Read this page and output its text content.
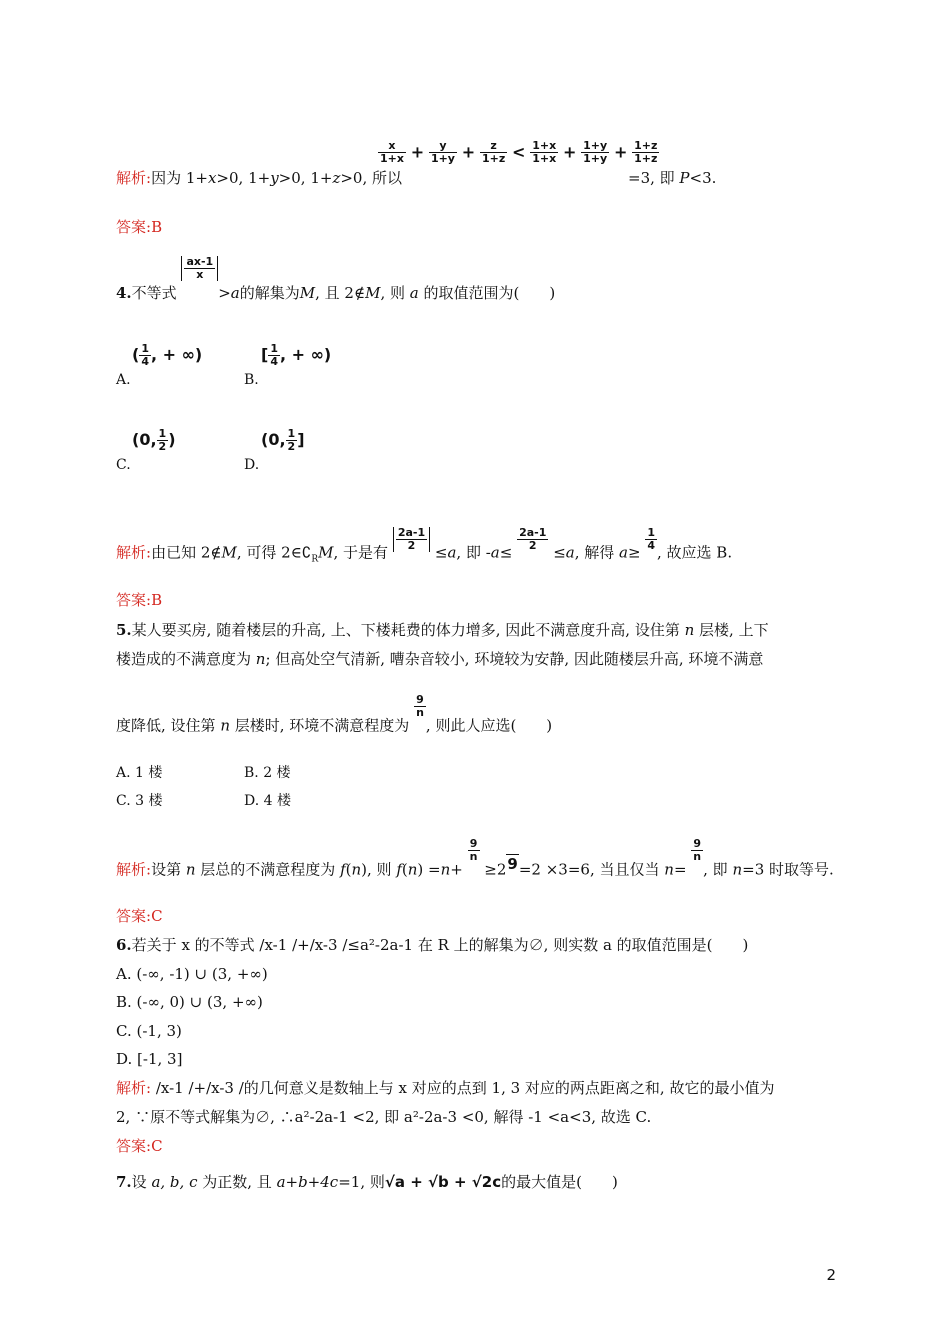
$\frac{x}{1+x} + \frac{y}{1+y} + \frac{z}{1+z} < \frac{1+x}{1+x} + \frac{1+y}{1+y} + \frac{1+z}{1+z}$
解析:因为 1+x>0, 1+y>0, 1+z>0, 所以	=3, 即 P<3.
答案:B
4.不等式
$\frac{ax-1}{x}$
>a的解集为M, 且 2∉M, 则 a 的取值范围为(　　)
( $\frac{1}{4}$ , + ∞)
A.
[ $\frac{1}{4}$ , + ∞)
B.
(0, $\frac{1}{2}$ )
C.
(0, $\frac{1}{2}$ ]
D.
解析:由已知 2∉M, 可得 $2\in∁_RM$, 于是有
$\frac{2a-1}{2}$
≤a, 即 -a≤
$\frac{2a-1}{2}$
≤a, 解得 a≥
$\frac{1}{4}$
, 故应选 B.
答案:B
5.某人要买房, 随着楼层的升高, 上、下楼耗费的体力增多, 因此不满意度升高, 设住第 n 层楼, 上下
楼造成的不满意度为 n; 但高处空气清新, 嘈杂音较小, 环境较为安静, 因此随楼层升高, 环境不满意
度降低, 设住第 n 层楼时, 环境不满意程度为
$\frac{9}{n}$
, 则此人应选(　　)
A. 1 楼	B. 2 楼
C. 3 楼	D. 4 楼
解析:设第 n 层总的不满意程度为 f(n), 则 f(n) =n+
$\frac{9}{n}$
≥29=2 ×3=6, 当且仅当 n=
$\frac{9}{n}$
, 即 n=3 时取等号.
答案:C
6.若关于 x 的不等式 /x-1 /+/x-3 /≤a²-2a-1 在 R 上的解集为∅, 则实数 a 的取值范围是(　　)
A. (-∞, -1) ∪ (3, +∞)
B. (-∞, 0) ∪ (3, +∞)
C. (-1, 3)
D. [-1, 3]
解析: /x-1 /+/x-3 /的几何意义是数轴上与 x 对应的点到 1, 3 对应的两点距离之和, 故它的最小值为
2, ∵原不等式解集为∅, ∴a²-2a-1 <2, 即 a²-2a-3 <0, 解得 -1 <a<3, 故选 C.
答案:C
7.设 a, b, c 为正数, 且 a+b+4c=1, 则√a + √b + √2c的最大值是(　　)
2
